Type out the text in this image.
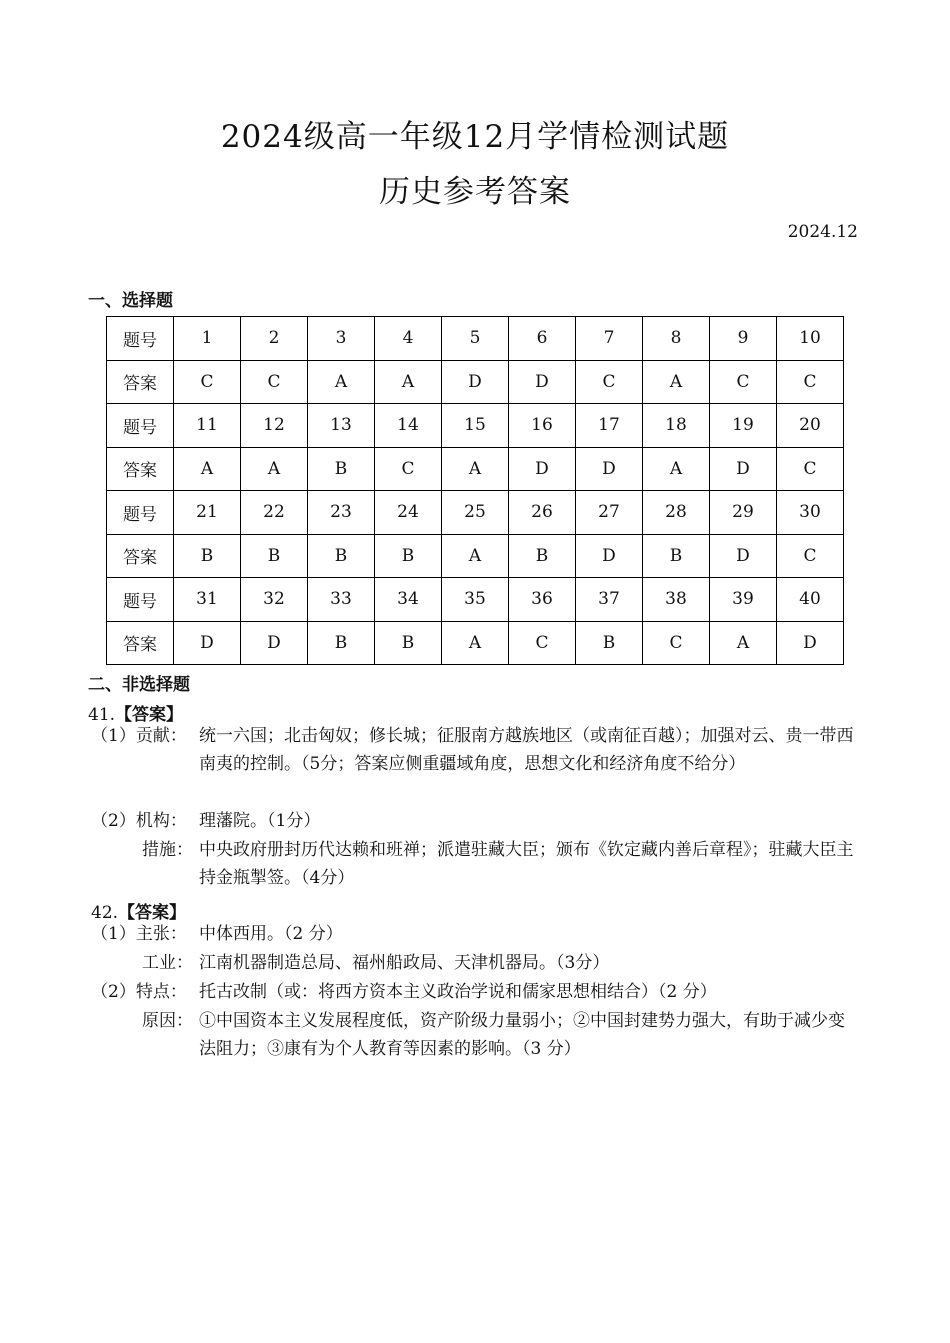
2024级高一年级12月学情检测试题
历史参考答案
2024.12
一、选择题
题号	1	2	3	4	5	6	7	8	9	10
答案	C	C	A	A	D	D	C	A	C	C
题号	11	12	13	14	15	16	17	18	19	20
答案	A	A	B	C	A	D	D	A	D	C
题号	21	22	23	24	25	26	27	28	29	30
答案	B	B	B	B	A	B	D	B	D	C
题号	31	32	33	34	35	36	37	38	39	40
答案	D	D	B	B	A	C	B	C	A	D
二、非选择题
41.【答案】
（1）贡献： 统一六国；北击匈奴；修长城；征服南方越族地区（或南征百越）；加强对云、贵一带西南夷的控制。（5分；答案应侧重疆域角度，思想文化和经济角度不给分）
（2）机构： 理藩院。（1分）
措施： 中央政府册封历代达赖和班禅；派遣驻藏大臣；颁布《钦定藏内善后章程》；驻藏大臣主持金瓶掣签。（4分）
42.【答案】
（1）主张： 中体西用。（2 分）
工业： 江南机器制造总局、福州船政局、天津机器局。（3分）
（2）特点： 托古改制（或：将西方资本主义政治学说和儒家思想相结合）（2 分）
原因： ①中国资本主义发展程度低，资产阶级力量弱小；②中国封建势力强大，有助于减少变法阻力；③康有为个人教育等因素的影响。（3 分）
